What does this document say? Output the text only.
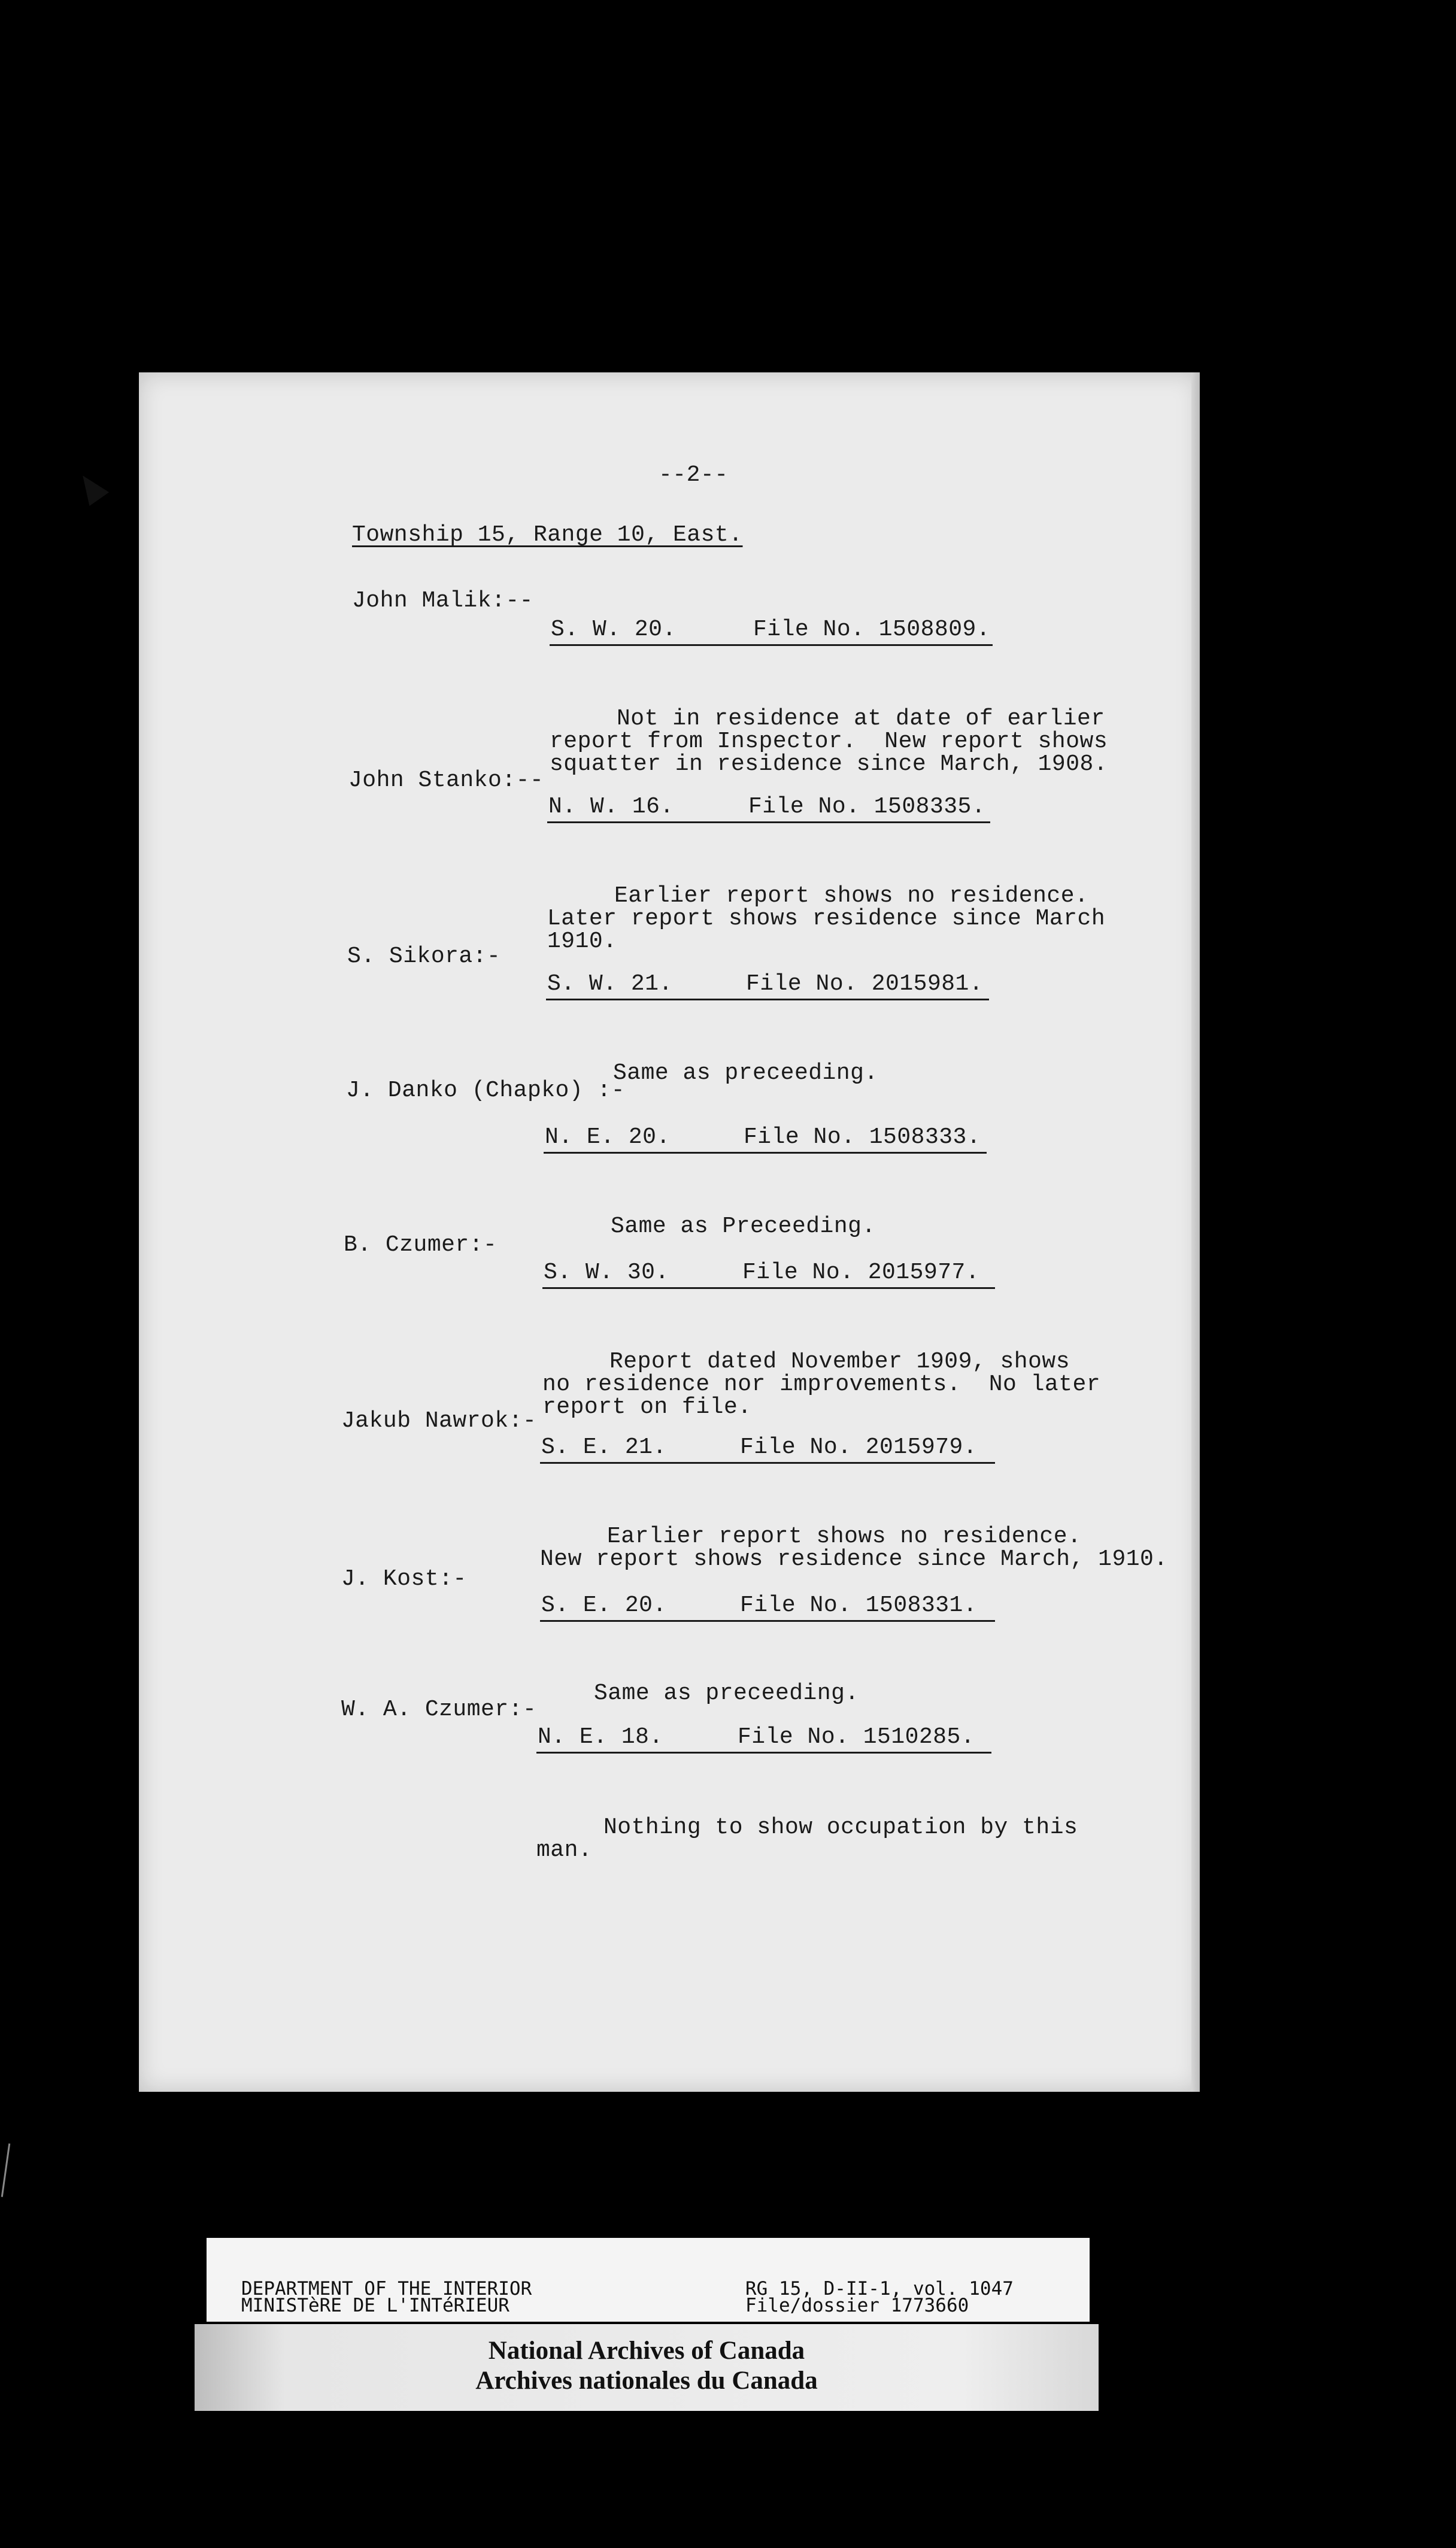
--2--
Township 15, Range 10, East.
John Malik:--
S. W. 20.	File No. 1508809.

Not in residence at date of earlier
report from Inspector.  New report shows
squatter in residence since March, 1908.

John Stanko:--
N. W. 16.	File No. 1508335.

Earlier report shows no residence.
Later report shows residence since March
1910.

S. Sikora:-
S. W. 21.	File No. 2015981.

Same as preceeding.

J. Danko (Chapko) :-
N. E. 20.	File No. 1508333.

Same as Preceeding.

B. Czumer:-
S. W. 30.	File No. 2015977.

Report dated November 1909, shows
no residence nor improvements.  No later
report on file.

Jakub Nawrok:-
S. E. 21.	File No. 2015979.

Earlier report shows no residence.
New report shows residence since March, 1910.

J. Kost:-
S. E. 20.	File No. 1508331.

Same as preceeding.

W. A. Czumer:-
N. E. 18.	File No. 1510285.

Nothing to show occupation by this
man.

DEPARTMENT OF THE INTERIOR
MINISTèRE DE L'INTéRIEUR
RG 15, D-II-1, vol. 1047
File/dossier 1773660
National Archives of Canada
Archives nationales du Canada
